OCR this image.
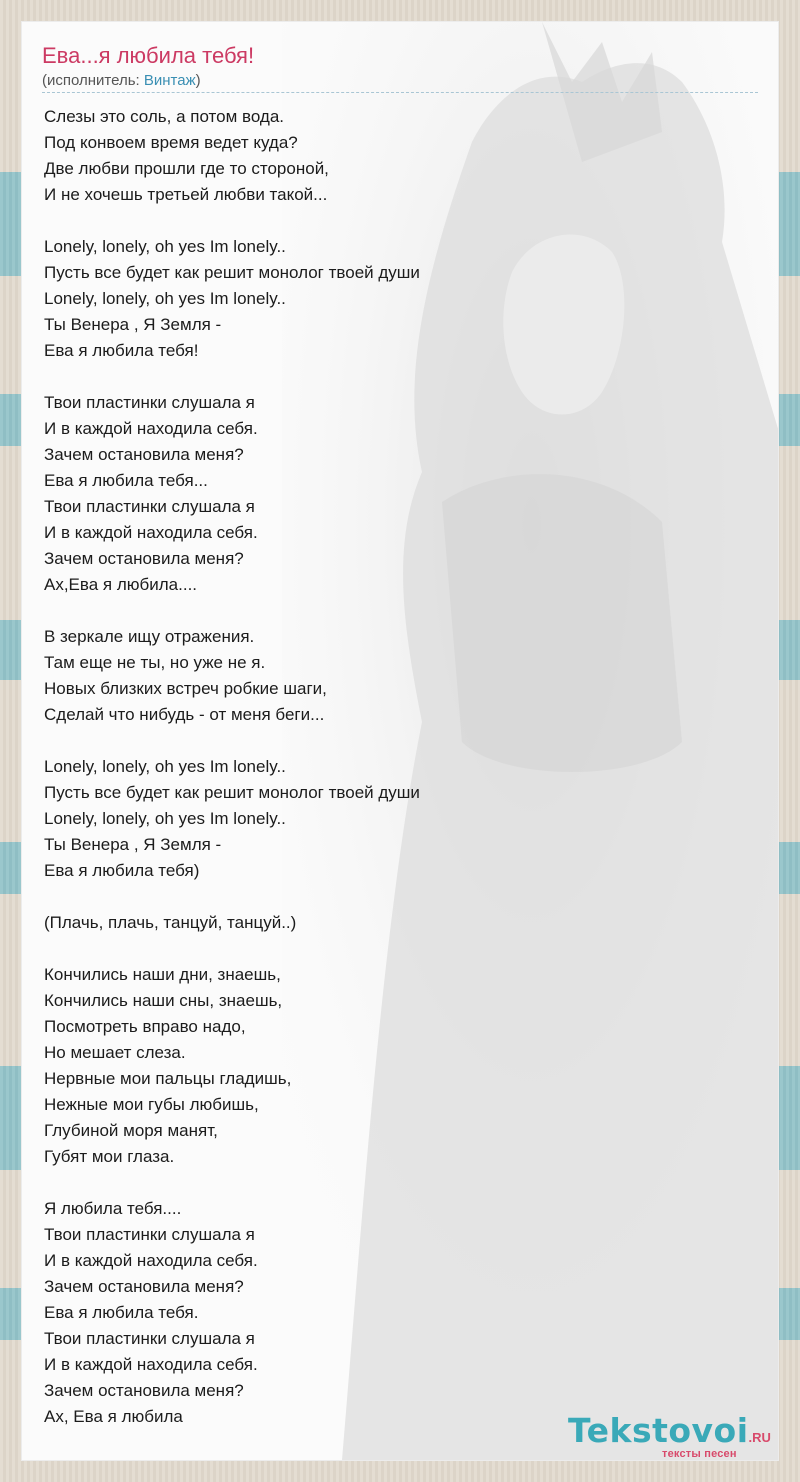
Ева...я любила тебя!
(исполнитель: Винтаж)
Слезы это соль, а потом вода.
Под конвоем время ведет куда?
Две любви прошли где то стороной,
И не хочешь третьей любви такой...

Lonely, lonely, oh yes Im lonely..
Пусть все будет как решит монолог твоей души
Lonely, lonely, oh yes Im lonely..
Ты Венера , Я Земля -
Ева я любила тебя!

Твои пластинки слушала я
И в каждой находила себя.
Зачем остановила меня?
Ева я любила тебя...
Твои пластинки слушала я
И в каждой находила себя.
Зачем остановила меня?
Ах,Ева я любила....

В зеркале ищу отражения.
Там еще не ты, но уже не я.
Новых близких встреч робкие шаги,
Сделай что нибудь - от меня беги...

Lonely, lonely, oh yes Im lonely..
Пусть все будет как решит монолог твоей души
Lonely, lonely, oh yes Im lonely..
Ты Венера , Я Земля -
Ева я любила тебя)

(Плачь, плачь, танцуй, танцуй..)

Кончились наши дни, знаешь,
Кончились наши сны, знаешь,
Посмотреть вправо надо,
Но мешает слеза.
Нервные мои пальцы гладишь,
Нежные мои губы любишь,
Глубиной моря манят,
Губят мои глаза.

Я любила тебя....
Твои пластинки слушала я
И в каждой находила себя.
Зачем остановила меня?
Ева я любила тебя.
Твои пластинки слушала я
И в каждой находила себя.
Зачем остановила меня?
Ах, Ева я любила	Tekstovoi.RU
тексты песен
